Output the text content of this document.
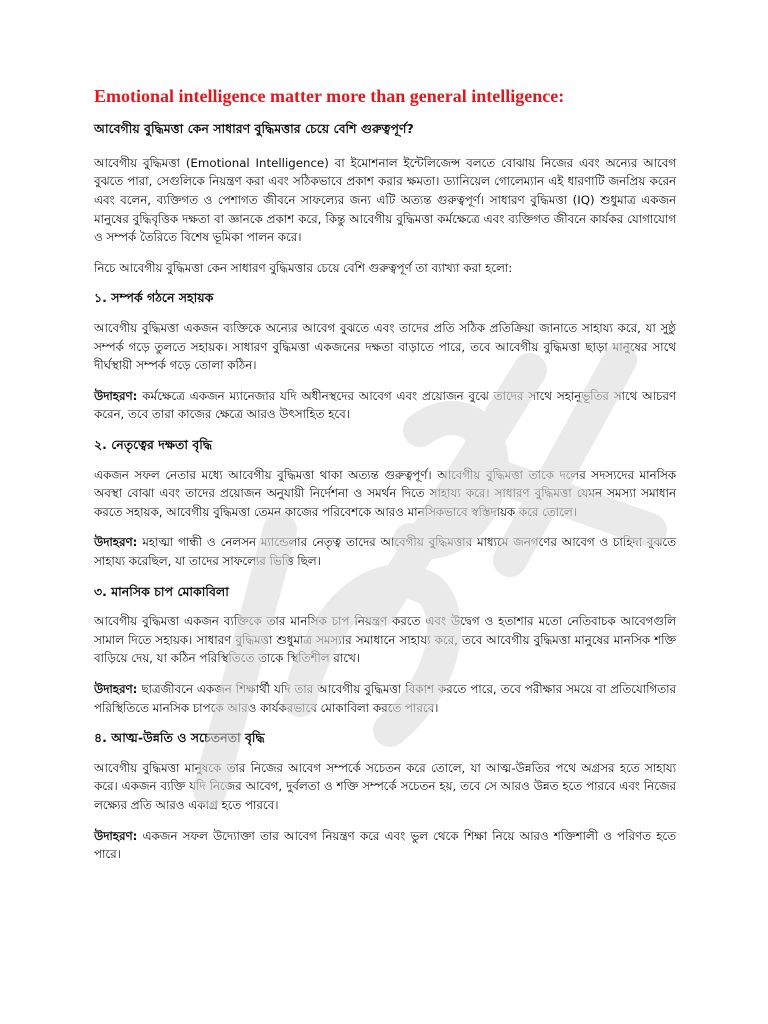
Emotional intelligence matter more than general intelligence:
আবেগীয় বুদ্ধিমত্তা কেন সাধারণ বুদ্ধিমত্তার চেয়ে বেশি গুরুত্বপূর্ণ?

আবেগীয় বুদ্ধিমত্তা (Emotional Intelligence) বা ইমোশনাল ইন্টেলিজেন্স বলতে বোঝায় নিজের এবং অন্যের আবেগ বুঝতে পারা, সেগুলিকে নিয়ন্ত্রণ করা এবং সঠিকভাবে প্রকাশ করার ক্ষমতা। ড্যানিয়েল গোলেম্যান এই ধারণাটি জনপ্রিয় করেন এবং বলেন, ব্যক্তিগত ও পেশাগত জীবনে সাফল্যের জন্য এটি অত্যন্ত গুরুত্বপূর্ণ। সাধারণ বুদ্ধিমত্তা (IQ) শুধুমাত্র একজন মানুষের বুদ্ধিবৃত্তিক দক্ষতা বা জ্ঞানকে প্রকাশ করে, কিন্তু আবেগীয় বুদ্ধিমত্তা কর্মক্ষেত্রে এবং ব্যক্তিগত জীবনে কার্যকর যোগাযোগ ও সম্পর্ক তৈরিতে বিশেষ ভূমিকা পালন করে।

নিচে আবেগীয় বুদ্ধিমত্তা কেন সাধারণ বুদ্ধিমত্তার চেয়ে বেশি গুরুত্বপূর্ণ তা ব্যাখ্যা করা হলো:

১. সম্পর্ক গঠনে সহায়ক

আবেগীয় বুদ্ধিমত্তা একজন ব্যক্তিকে অন্যের আবেগ বুঝতে এবং তাদের প্রতি সঠিক প্রতিক্রিয়া জানাতে সাহায্য করে, যা সুষ্ঠু সম্পর্ক গড়ে তুলতে সহায়ক। সাধারণ বুদ্ধিমত্তা একজনের দক্ষতা বাড়াতে পারে, তবে আবেগীয় বুদ্ধিমত্তা ছাড়া মানুষের সাথে দীর্ঘস্থায়ী সম্পর্ক গড়ে তোলা কঠিন।

উদাহরণ: কর্মক্ষেত্রে একজন ম্যানেজার যদি অধীনস্থদের আবেগ এবং প্রয়োজন বুঝে তাদের সাথে সহানুভূতির সাথে আচরণ করেন, তবে তারা কাজের ক্ষেত্রে আরও উৎসাহিত হবে।

২. নেতৃত্বের দক্ষতা বৃদ্ধি

একজন সফল নেতার মধ্যে আবেগীয় বুদ্ধিমত্তা থাকা অত্যন্ত গুরুত্বপূর্ণ। আবেগীয় বুদ্ধিমত্তা তাকে দলের সদস্যদের মানসিক অবস্থা বোঝা এবং তাদের প্রয়োজন অনুযায়ী নির্দেশনা ও সমর্থন দিতে সাহায্য করে। সাধারণ বুদ্ধিমত্তা যেমন সমস্যা সমাধান করতে সহায়ক, আবেগীয় বুদ্ধিমত্তা তেমন কাজের পরিবেশকে আরও মানসিকভাবে স্বস্তিদায়ক করে তোলে।

উদাহরণ: মহাত্মা গান্ধী ও নেলসন ম্যান্ডেলার নেতৃত্ব তাদের আবেগীয় বুদ্ধিমত্তার মাধ্যমে জনগণের আবেগ ও চাহিদা বুঝতে সাহায্য করেছিল, যা তাদের সাফল্যের ভিত্তি ছিল।

৩. মানসিক চাপ মোকাবিলা

আবেগীয় বুদ্ধিমত্তা একজন ব্যক্তিকে তার মানসিক চাপ নিয়ন্ত্রণ করতে এবং উদ্বেগ ও হতাশার মতো নেতিবাচক আবেগগুলি সামাল দিতে সহায়ক। সাধারণ বুদ্ধিমত্তা শুধুমাত্র সমস্যার সমাধানে সাহায্য করে, তবে আবেগীয় বুদ্ধিমত্তা মানুষের মানসিক শক্তি বাড়িয়ে দেয়, যা কঠিন পরিস্থিতিতে তাকে স্থিতিশীল রাখে।

উদাহরণ: ছাত্রজীবনে একজন শিক্ষার্থী যদি তার আবেগীয় বুদ্ধিমত্তা বিকাশ করতে পারে, তবে পরীক্ষার সময়ে বা প্রতিযোগিতার পরিস্থিতিতে মানসিক চাপকে আরও কার্যকরভাবে মোকাবিলা করতে পারবে।

৪. আত্ম-উন্নতি ও সচেতনতা বৃদ্ধি

আবেগীয় বুদ্ধিমত্তা মানুষকে তার নিজের আবেগ সম্পর্কে সচেতন করে তোলে, যা আত্ম-উন্নতির পথে অগ্রসর হতে সাহায্য করে। একজন ব্যক্তি যদি নিজের আবেগ, দুর্বলতা ও শক্তি সম্পর্কে সচেতন হয়, তবে সে আরও উন্নত হতে পারবে এবং নিজের লক্ষ্যের প্রতি আরও একাগ্র হতে পারবে।

উদাহরণ: একজন সফল উদ্যোক্তা তার আবেগ নিয়ন্ত্রণ করে এবং ভুল থেকে শিক্ষা নিয়ে আরও শক্তিশালী ও পরিণত হতে পারে।
